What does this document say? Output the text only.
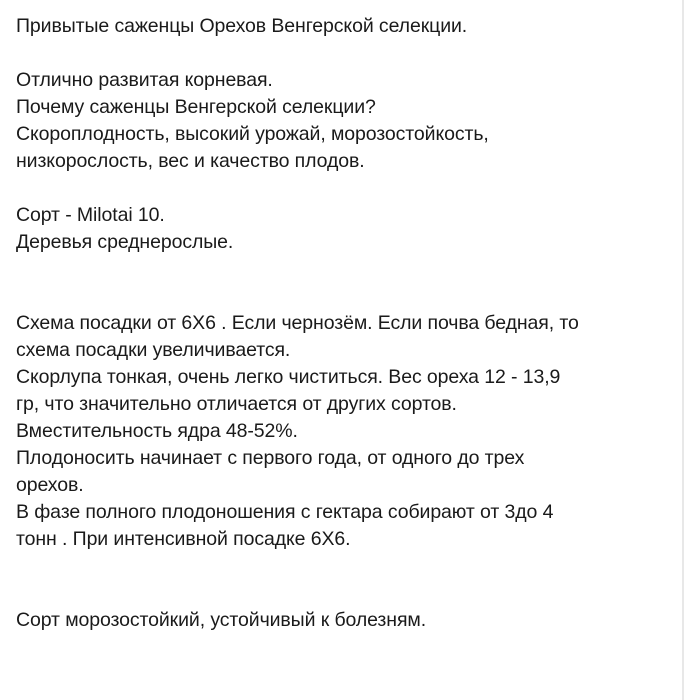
Привытые саженцы Орехов Венгерской селекции.
Отлично развитая корневая.
Почему саженцы Венгерской селекции?
Скороплодность, высокий урожай, морозостойкость,
низкорослость, вес и качество плодов.
Сорт - Milotai 10.
Деревья среднерослые.
Схема посадки от 6Х6 . Если чернозём. Если почва бедная, то
схема посадки увеличивается.
Скорлупа тонкая, очень легко чиститься. Вес ореха 12 - 13,9
гр, что значительно отличается от других сортов.
Вместительность ядра 48-52%.
Плодоносить начинает с первого года, от одного до трех
орехов.
В фазе полного плодоношения с гектара собирают от 3до 4
тонн . При интенсивной посадке 6Х6.
Сорт морозостойкий, устойчивый к болезням.
